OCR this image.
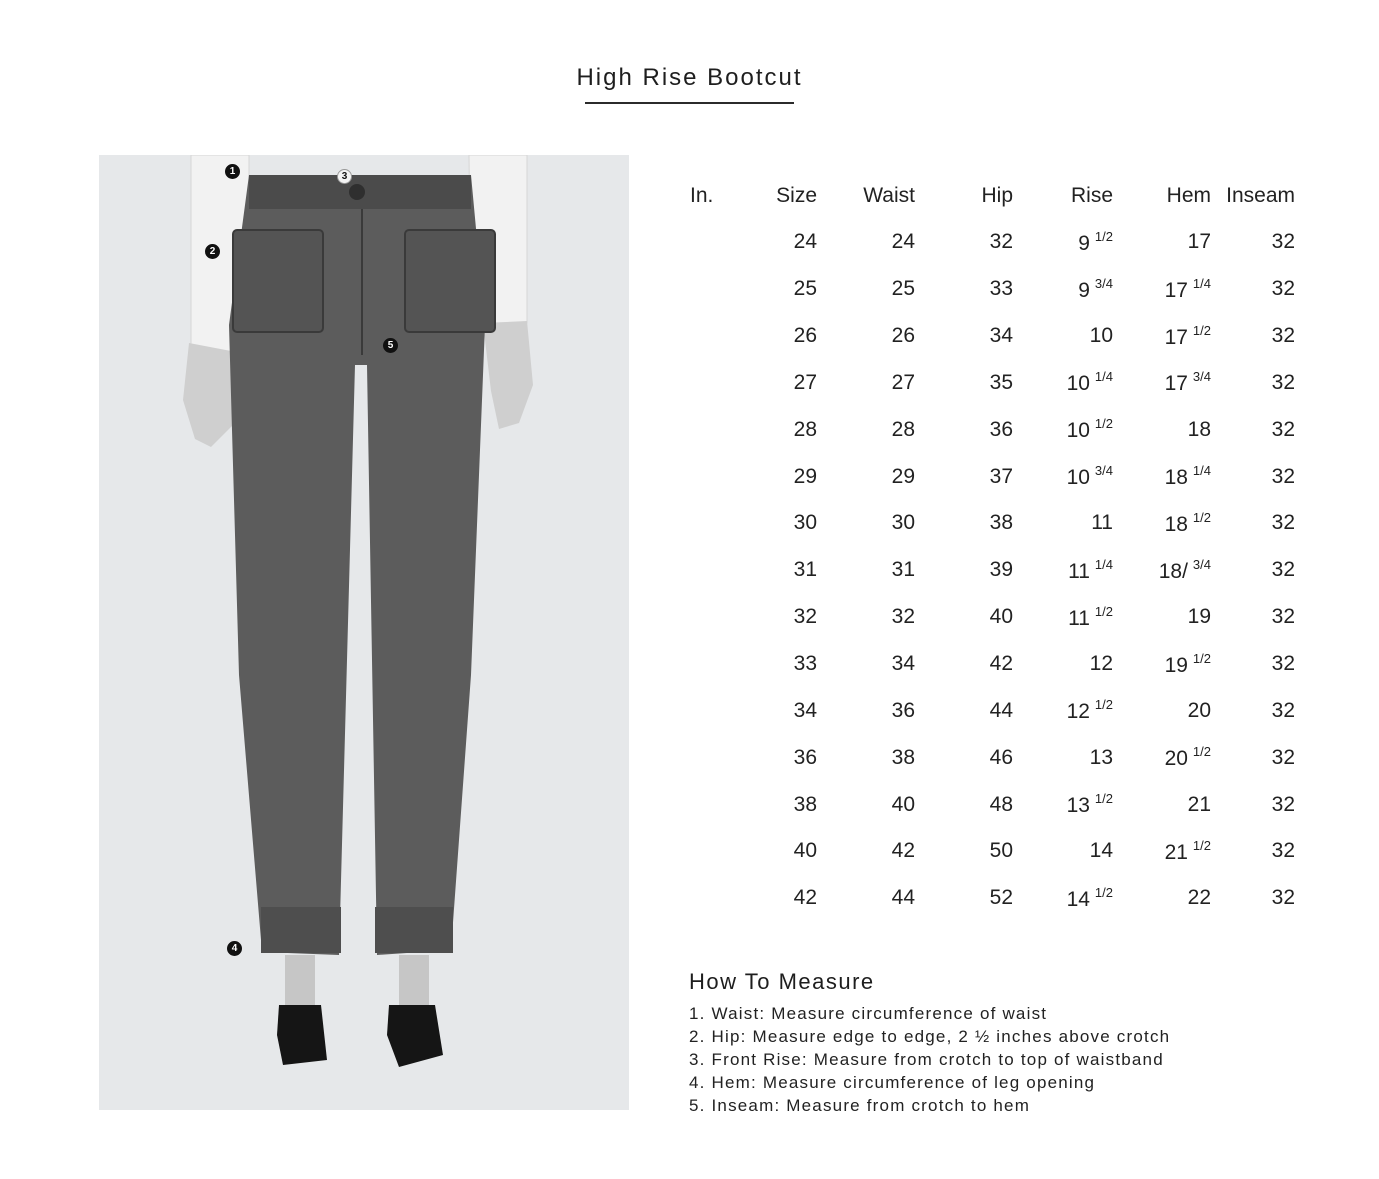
High Rise Bootcut
1
2
3
4
5
In.	Size	Waist	Hip	Rise	Hem	Inseam
	24	24	32	9 $^{1/2}$	17	32
	25	25	33	9 $^{3/4}$	17 $^{1/4}$	32
	26	26	34	10	17 $^{1/2}$	32
	27	27	35	10 $^{1/4}$	17 $^{3/4}$	32
	28	28	36	10 $^{1/2}$	18	32
	29	29	37	10 $^{3/4}$	18 $^{1/4}$	32
	30	30	38	11	18 $^{1/2}$	32
	31	31	39	11 $^{1/4}$	18/ $^{3/4}$	32
	32	32	40	11 $^{1/2}$	19	32
	33	34	42	12	19 $^{1/2}$	32
	34	36	44	12 $^{1/2}$	20	32
	36	38	46	13	20 $^{1/2}$	32
	38	40	48	13 $^{1/2}$	21	32
	40	42	50	14	21 $^{1/2}$	32
	42	44	52	14 $^{1/2}$	22	32
How To Measure
1. Waist: Measure circumference of waist
2. Hip: Measure edge to edge, 2 ½ inches above crotch
3. Front Rise: Measure from crotch to top of waistband
4. Hem: Measure circumference of leg opening
5. Inseam: Measure from crotch to hem
